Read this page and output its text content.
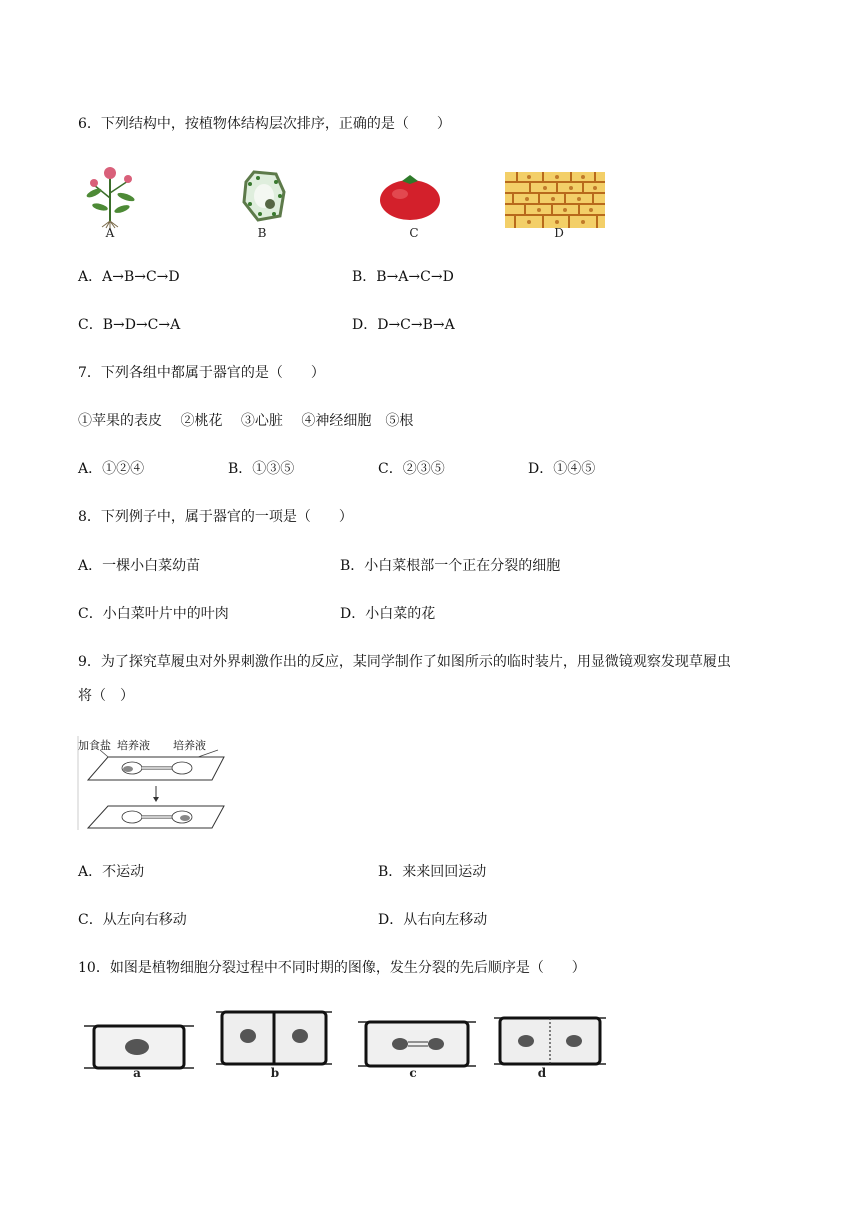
6．下列结构中，按植物体结构层次排序，正确的是（　　）
A	B	C	D
A．A→B→C→D	B．B→A→C→D
C．B→D→C→A	D．D→C→B→A
7．下列各组中都属于器官的是（　　）
①苹果的表皮　 ②桃花　 ③心脏　 ④神经细胞　⑤根
A．①②④	B．①③⑤	C．②③⑤	D．①④⑤
8．下列例子中，属于器官的一项是（　　）
A．一棵小白菜幼苗	B．小白菜根部一个正在分裂的细胞
C．小白菜叶片中的叶肉	D．小白菜的花
9．为了探究草履虫对外界刺激作出的反应，某同学制作了如图所示的临时装片，用显微镜观察发现草履虫
将（　）
加食盐 培养液 培养液
A．不运动	B．来来回回运动
C．从左向右移动	D．从右向左移动
10．如图是植物细胞分裂过程中不同时期的图像，发生分裂的先后顺序是（　　）
a	b	c	d
